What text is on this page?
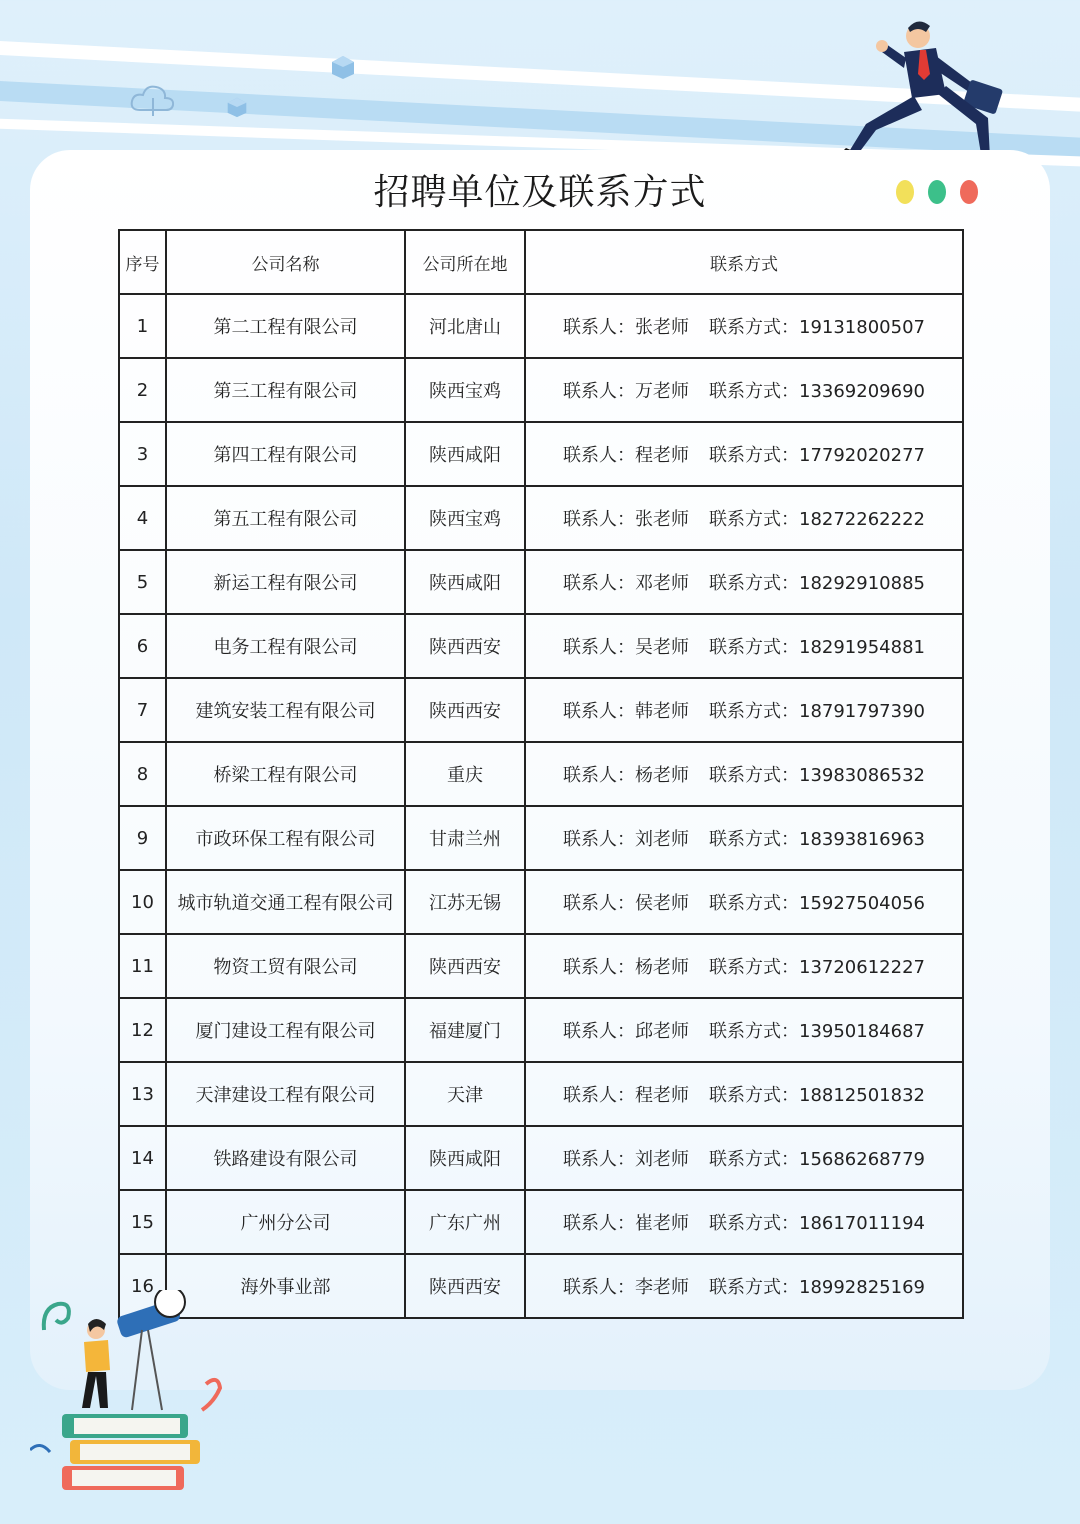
招聘单位及联系方式
序号	公司名称	公司所在地	联系方式
1	第二工程有限公司	河北唐山	联系人：张老师 联系方式：19131800507
2	第三工程有限公司	陕西宝鸡	联系人：万老师 联系方式：13369209690
3	第四工程有限公司	陕西咸阳	联系人：程老师 联系方式：17792020277
4	第五工程有限公司	陕西宝鸡	联系人：张老师 联系方式：18272262222
5	新运工程有限公司	陕西咸阳	联系人：邓老师 联系方式：18292910885
6	电务工程有限公司	陕西西安	联系人：吴老师 联系方式：18291954881
7	建筑安装工程有限公司	陕西西安	联系人：韩老师 联系方式：18791797390
8	桥梁工程有限公司	重庆	联系人：杨老师 联系方式：13983086532
9	市政环保工程有限公司	甘肃兰州	联系人：刘老师 联系方式：18393816963
10	城市轨道交通工程有限公司	江苏无锡	联系人：侯老师 联系方式：15927504056
11	物资工贸有限公司	陕西西安	联系人：杨老师 联系方式：13720612227
12	厦门建设工程有限公司	福建厦门	联系人：邱老师 联系方式：13950184687
13	天津建设工程有限公司	天津	联系人：程老师 联系方式：18812501832
14	铁路建设有限公司	陕西咸阳	联系人：刘老师 联系方式：15686268779
15	广州分公司	广东广州	联系人：崔老师 联系方式：18617011194
16	海外事业部	陕西西安	联系人：李老师 联系方式：18992825169
